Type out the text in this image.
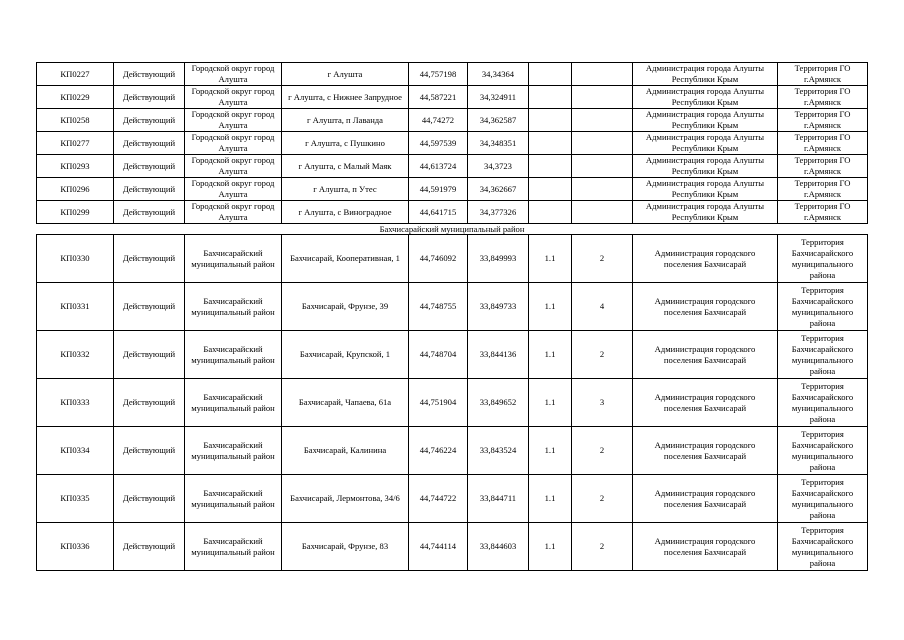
КП0227	Действующий	Городской округ город Алушта	г Алушта	44,757198	34,34364			Администрация города Алушты Республики Крым	Территория ГО г.Армянск
КП0229	Действующий	Городской округ город Алушта	г Алушта, с Нижнее Запрудное	44,587221	34,324911			Администрация города Алушты Республики Крым	Территория ГО г.Армянск
КП0258	Действующий	Городской округ город Алушта	г Алушта, п Лаванда	44,74272	34,362587			Администрация города Алушты Республики Крым	Территория ГО г.Армянск
КП0277	Действующий	Городской округ город Алушта	г Алушта, с Пушкино	44,597539	34,348351			Администрация города Алушты Республики Крым	Территория ГО г.Армянск
КП0293	Действующий	Городской округ город Алушта	г Алушта, с Малый Маяк	44,613724	34,3723			Администрация города Алушты Республики Крым	Территория ГО г.Армянск
КП0296	Действующий	Городской округ город Алушта	г Алушта, п Утес	44,591979	34,362667			Администрация города Алушты Республики Крым	Территория ГО г.Армянск
КП0299	Действующий	Городской округ город Алушта	г Алушта, с Виноградное	44,641715	34,377326			Администрация города Алушты Республики Крым	Территория ГО г.Армянск
Бахчисарайский муниципальный район									
КП0330	Действующий	Бахчисарайский муниципальный район	Бахчисарай, Кооперативная, 1	44,746092	33,849993	1.1	2	Администрация городского поселения Бахчисарай	Территория Бахчисарайского муниципального района
КП0331	Действующий	Бахчисарайский муниципальный район	Бахчисарай, Фрунзе, 39	44,748755	33,849733	1.1	4	Администрация городского поселения Бахчисарай	Территория Бахчисарайского муниципального района
КП0332	Действующий	Бахчисарайский муниципальный район	Бахчисарай, Крупской, 1	44,748704	33,844136	1.1	2	Администрация городского поселения Бахчисарай	Территория Бахчисарайского муниципального района
КП0333	Действующий	Бахчисарайский муниципальный район	Бахчисарай, Чапаева, 61а	44,751904	33,849652	1.1	3	Администрация городского поселения Бахчисарай	Территория Бахчисарайского муниципального района
КП0334	Действующий	Бахчисарайский муниципальный район	Бахчисарай, Калинина	44,746224	33,843524	1.1	2	Администрация городского поселения Бахчисарай	Территория Бахчисарайского муниципального района
КП0335	Действующий	Бахчисарайский муниципальный район	Бахчисарай, Лермонтова, 34/6	44,744722	33,844711	1.1	2	Администрация городского поселения Бахчисарай	Территория Бахчисарайского муниципального района
КП0336	Действующий	Бахчисарайский муниципальный район	Бахчисарай, Фрунзе, 83	44,744114	33,844603	1.1	2	Администрация городского поселения Бахчисарай	Территория Бахчисарайского муниципального района
